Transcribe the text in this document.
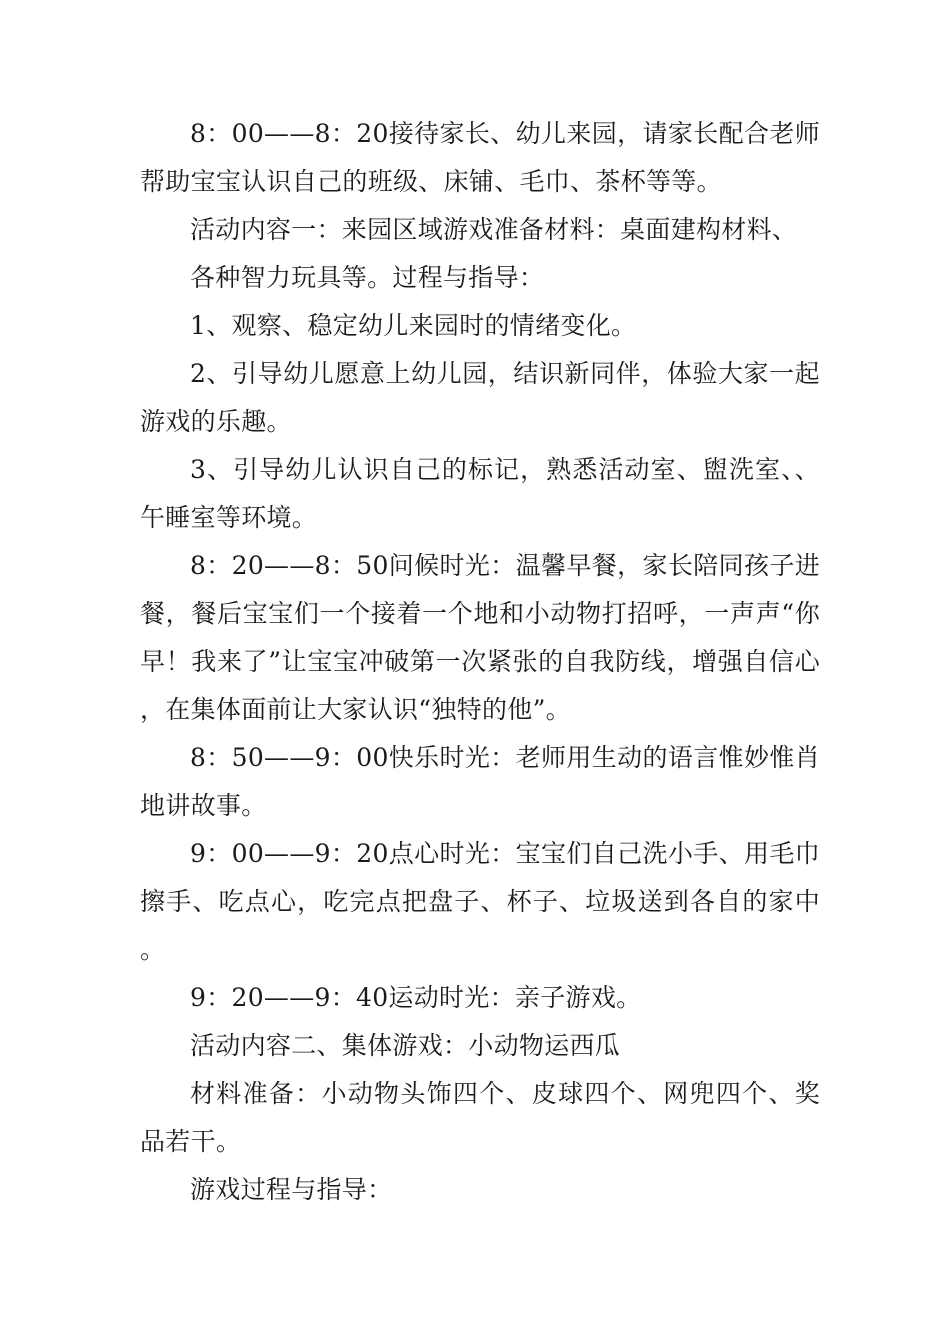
8：00——8：20接待家长、幼儿来园，请家长配合老师帮助宝宝认识自己的班级、床铺、毛巾、茶杯等等。

活动内容一：来园区域游戏准备材料：桌面建构材料、

各种智力玩具等。过程与指导：

1、观察、稳定幼儿来园时的情绪变化。

2、引导幼儿愿意上幼儿园，结识新同伴，体验大家一起游戏的乐趣。

3、引导幼儿认识自己的标记，熟悉活动室、盥洗室、、午睡室等环境。

8：20——8：50问候时光：温馨早餐，家长陪同孩子进餐，餐后宝宝们一个接着一个地和小动物打招呼，一声声“你早！我来了”让宝宝冲破第一次紧张的自我防线，增强自信心，在集体面前让大家认识“独特的他”。

8：50——9：00快乐时光：老师用生动的语言惟妙惟肖地讲故事。

9：00——9：20点心时光：宝宝们自己洗小手、用毛巾擦手、吃点心，吃完点把盘子、杯子、垃圾送到各自的家中。

9：20——9：40运动时光：亲子游戏。

活动内容二、集体游戏：小动物运西瓜

材料准备：小动物头饰四个、皮球四个、网兜四个、奖品若干。

游戏过程与指导：
